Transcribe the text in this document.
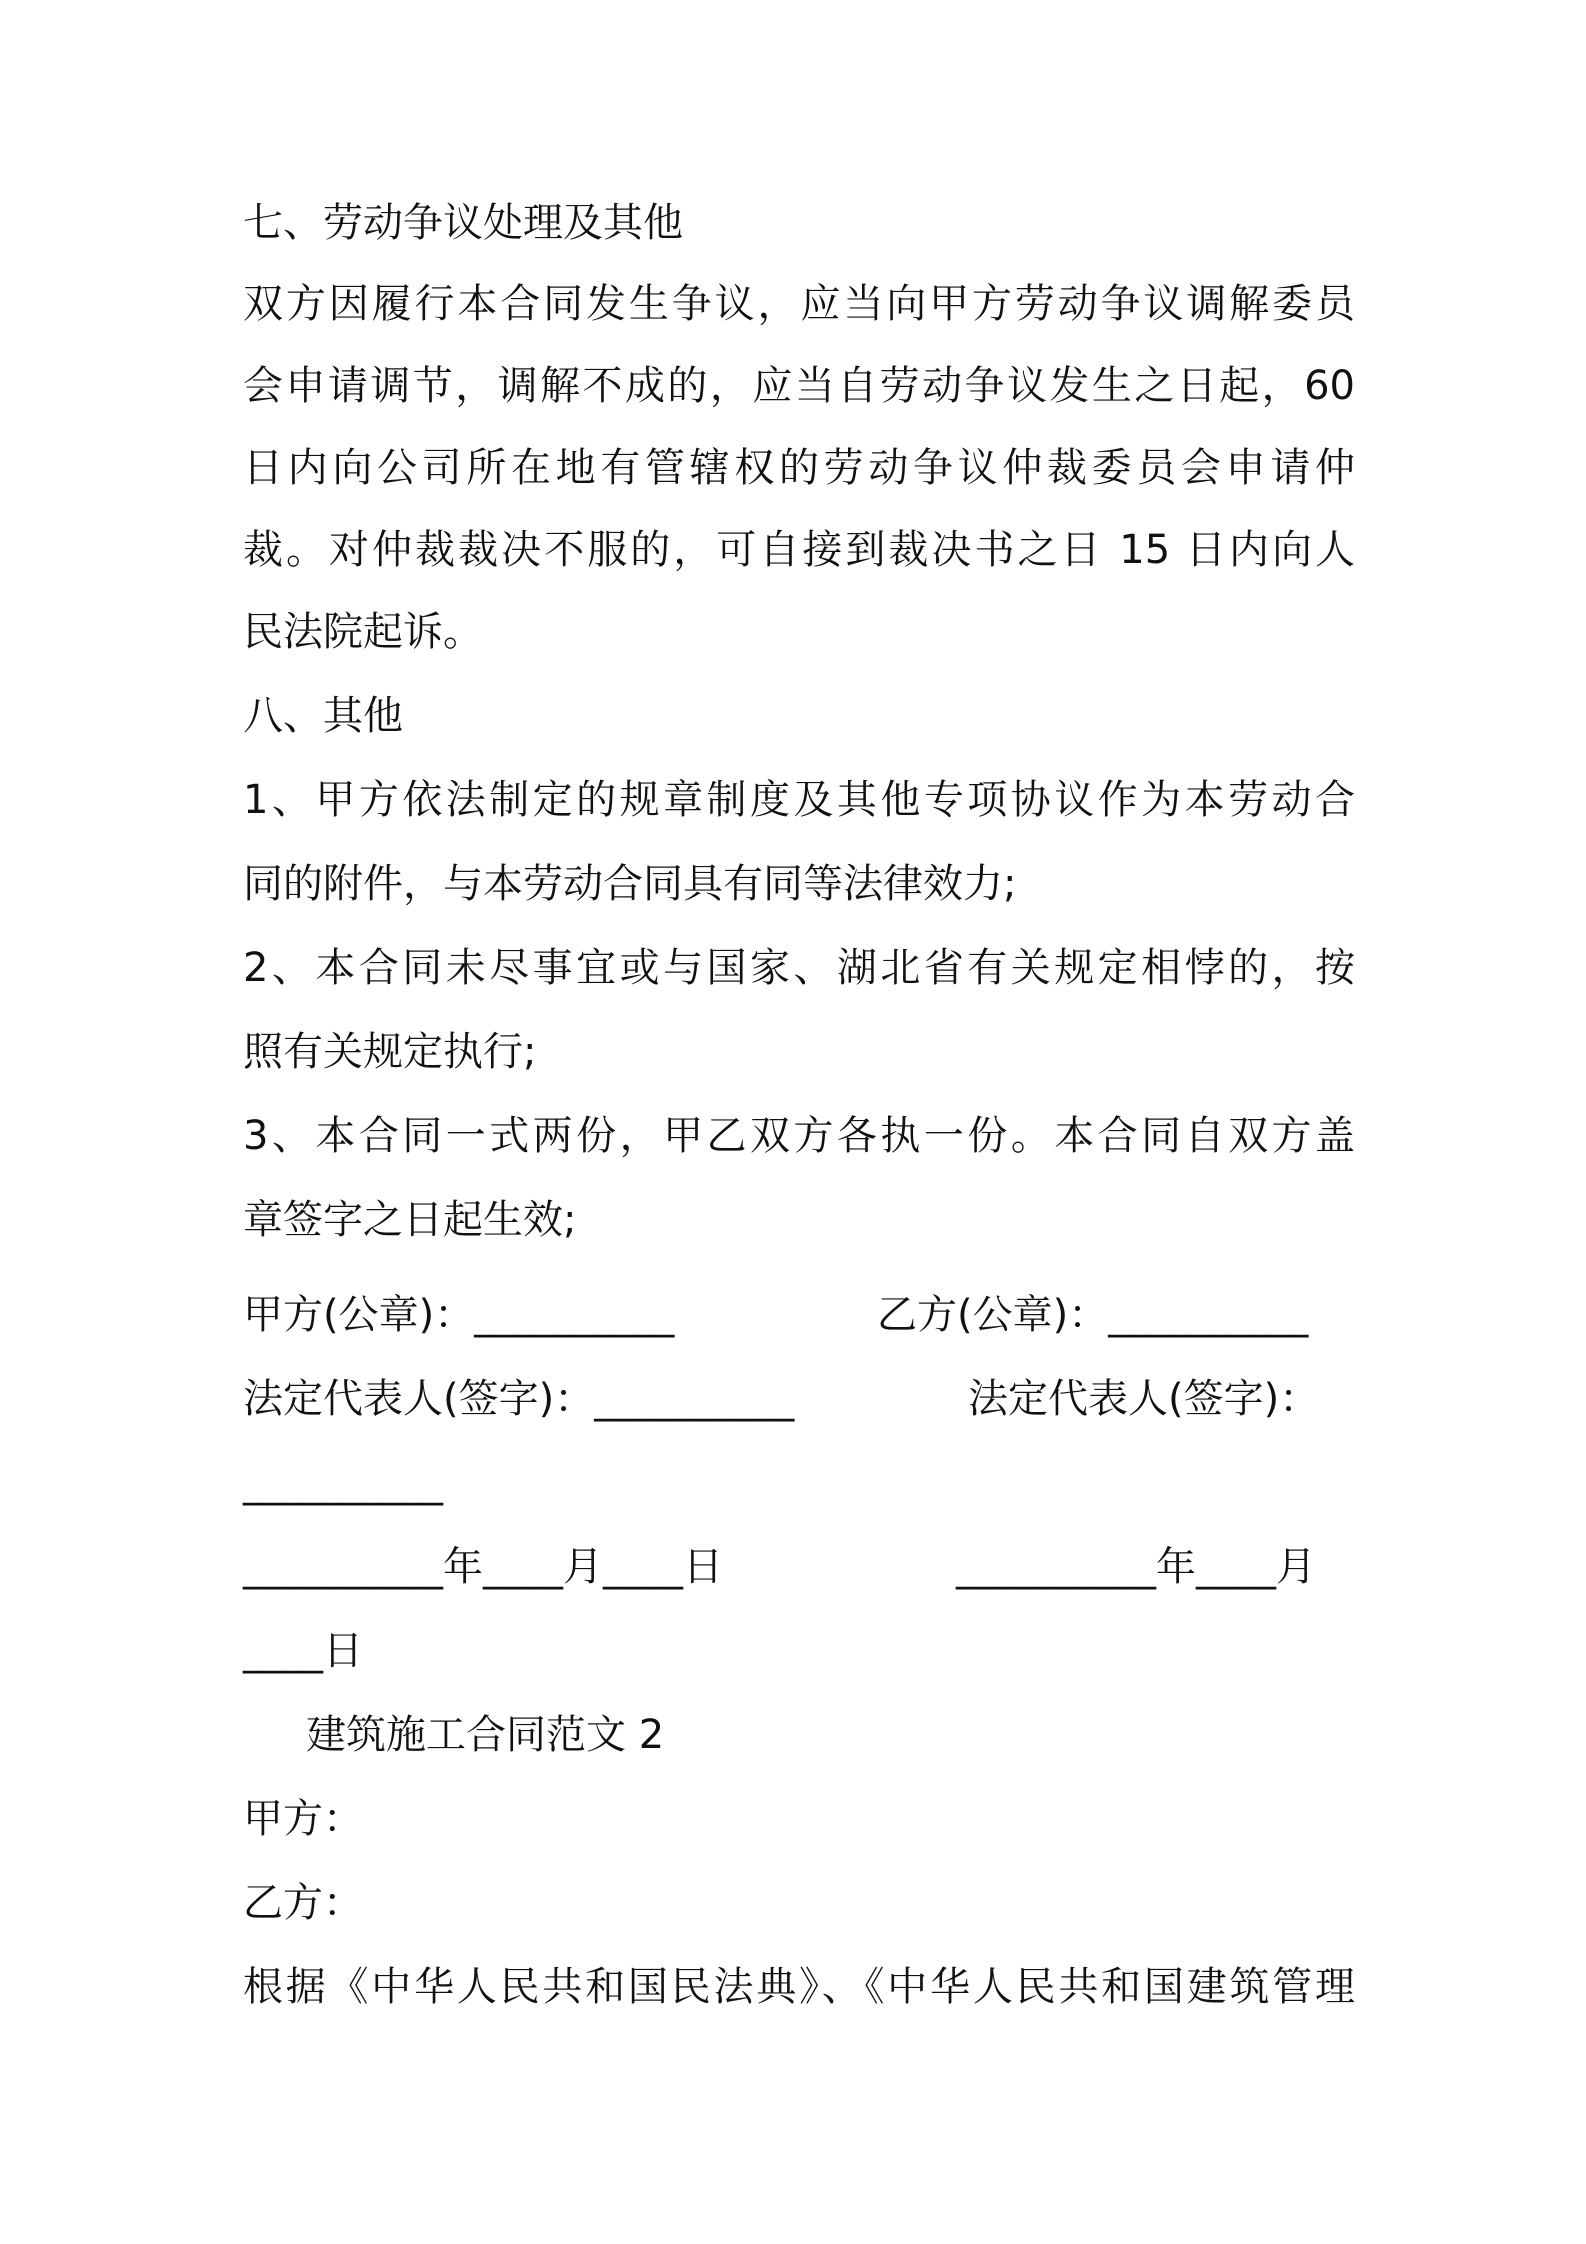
七、劳动争议处理及其他
双方因履行本合同发生争议，应当向甲方劳动争议调解委员
会申请调节，调解不成的，应当自劳动争议发生之日起，60
日内向公司所在地有管辖权的劳动争议仲裁委员会申请仲
裁。对仲裁裁决不服的，可自接到裁决书之日 15 日内向人
民法院起诉。
八、其他
1、甲方依法制定的规章制度及其他专项协议作为本劳动合
同的附件，与本劳动合同具有同等法律效力;
2、本合同未尽事宜或与国家、湖北省有关规定相悖的，按
照有关规定执行;
3、本合同一式两份，甲乙双方各执一份。本合同自双方盖
章签字之日起生效;
甲方(公章)：__________	乙方(公章)：__________
法定代表人(签字)：__________	法定代表人(签字)：
__________
__________年____月____日	__________年____月
____日
建筑施工合同范文 2
甲方：
乙方：
根据《中华人民共和国民法典》、《中华人民共和国建筑管理
